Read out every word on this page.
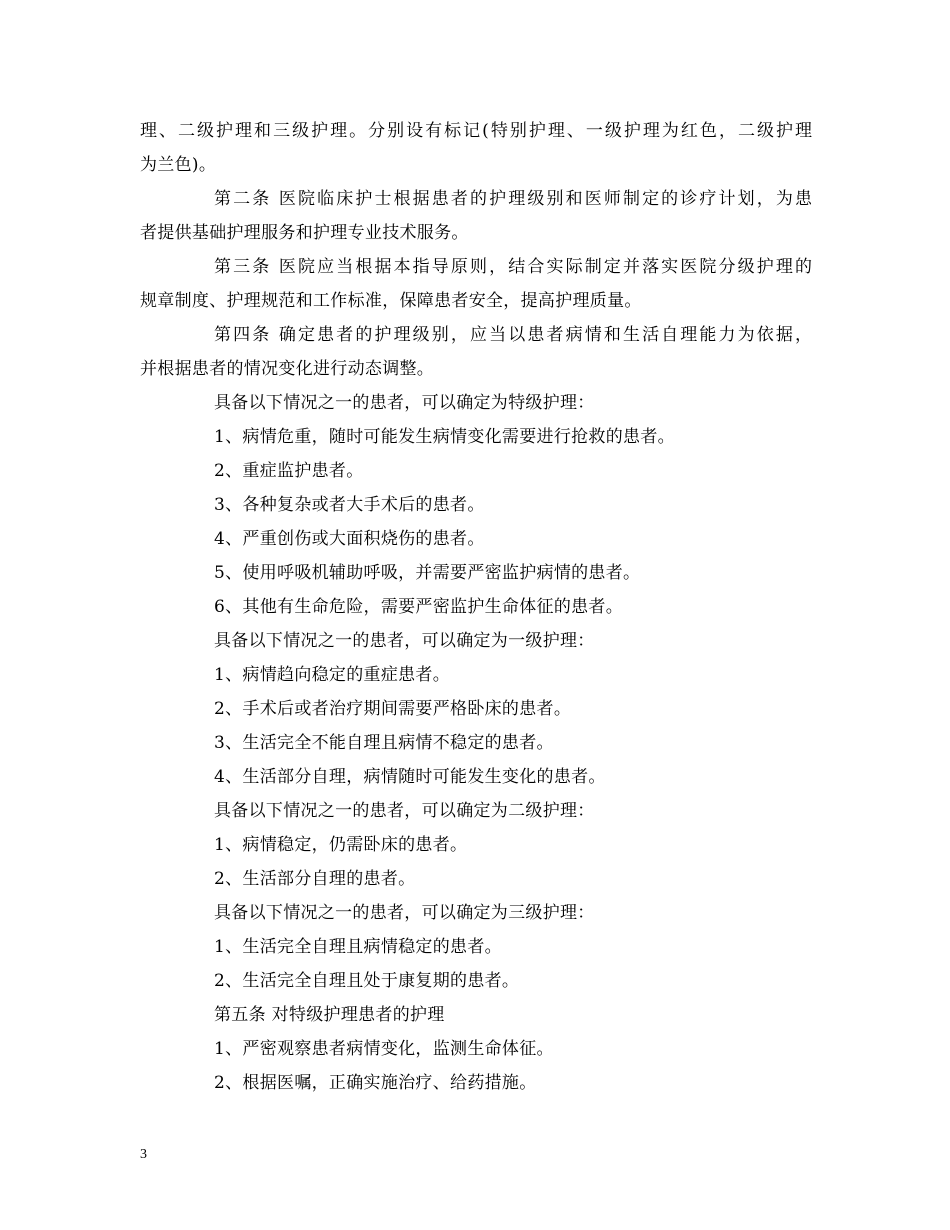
理、二级护理和三级护理。分别设有标记(特别护理、一级护理为红色，二级护理
为兰色)。
第二条 医院临床护士根据患者的护理级别和医师制定的诊疗计划，为患
者提供基础护理服务和护理专业技术服务。
第三条 医院应当根据本指导原则，结合实际制定并落实医院分级护理的
规章制度、护理规范和工作标准，保障患者安全，提高护理质量。
第四条 确定患者的护理级别，应当以患者病情和生活自理能力为依据，
并根据患者的情况变化进行动态调整。
具备以下情况之一的患者，可以确定为特级护理：
1、病情危重，随时可能发生病情变化需要进行抢救的患者。
2、重症监护患者。
3、各种复杂或者大手术后的患者。
4、严重创伤或大面积烧伤的患者。
5、使用呼吸机辅助呼吸，并需要严密监护病情的患者。
6、其他有生命危险，需要严密监护生命体征的患者。
具备以下情况之一的患者，可以确定为一级护理：
1、病情趋向稳定的重症患者。
2、手术后或者治疗期间需要严格卧床的患者。
3、生活完全不能自理且病情不稳定的患者。
4、生活部分自理，病情随时可能发生变化的患者。
具备以下情况之一的患者，可以确定为二级护理：
1、病情稳定，仍需卧床的患者。
2、生活部分自理的患者。
具备以下情况之一的患者，可以确定为三级护理：
1、生活完全自理且病情稳定的患者。
2、生活完全自理且处于康复期的患者。
第五条 对特级护理患者的护理
1、严密观察患者病情变化，监测生命体征。
2、根据医嘱，正确实施治疗、给药措施。
3
